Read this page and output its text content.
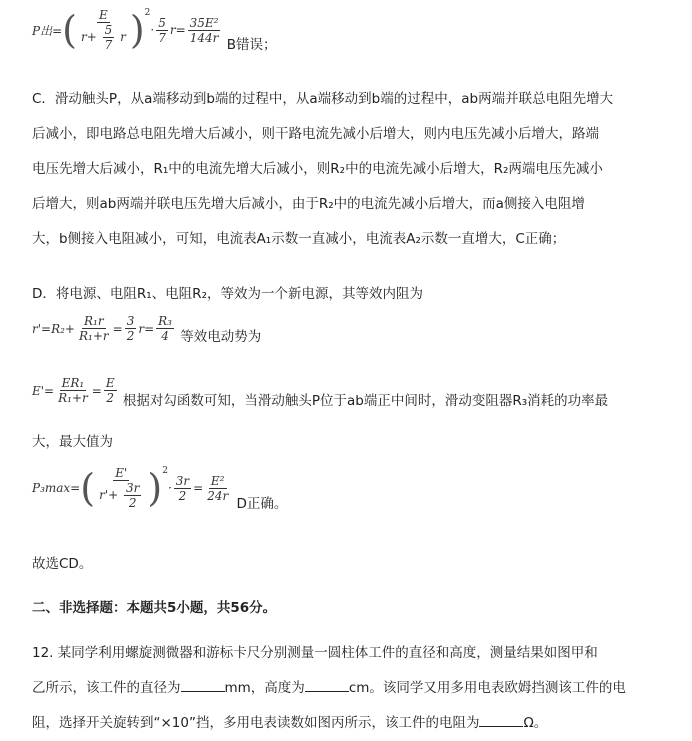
P出= ( $\frac{E}{r+ \frac{5}{7} r}$ ) 2
· $\frac{5}{7} r= \frac{\text{35E²}}{144r}$ B错误；
C．滑动触头P，从a端移动到b端的过程中，从a端移动到b端的过程中，ab两端并联总电阻先增大
后减小，即电路总电阻先增大后减小，则干路电流先减小后增大，则内电压先减小后增大，路端
电压先增大后减小，R₁中的电流先增大后减小，则R₂中的电流先减小后增大，R₂两端电压先减小
后增大，则ab两端并联电压先增大后减小，由于R₂中的电流先减小后增大，而a侧接入电阻增
大，b侧接入电阻减小，可知，电流表A₁示数一直减小，电流表A₂示数一直增大，C正确；
D．将电源、电阻R₁、电阻R₂，等效为一个新电源，其等效内阻为
$r'=R_2+ \frac{\text{R₁r}}{\text{R₁+r}} = \frac{3}{2} r= \frac{\text{R₃}}{4}$ 等效电动势为
$E'= \frac{\text{ER₁}}{\text{R₁+r}} = \frac{E}{2}$ 根据对勾函数可知，当滑动触头P位于ab端正中间时，滑动变阻器R₃消耗的功率最
大，最大值为
P₃max= ( $\frac{E'}{r'+ \frac{3r}{2}}$ ) 2
· $\frac{3r}{2} = \frac{\text{E²}}{24r}$
D正确。
故选CD。
二、非选择题：本题共5小题，共56分。
12. 某同学利用螺旋测微器和游标卡尺分别测量一圆柱体工件的直径和高度，测量结果如图甲和
乙所示，该工件的直径为	mm，高度为	cm。该同学又用多用电表欧姆挡测该工件的电
阻，选择开关旋转到“×10”挡，多用电表读数如图丙所示，该工件的电阻为	Ω。
